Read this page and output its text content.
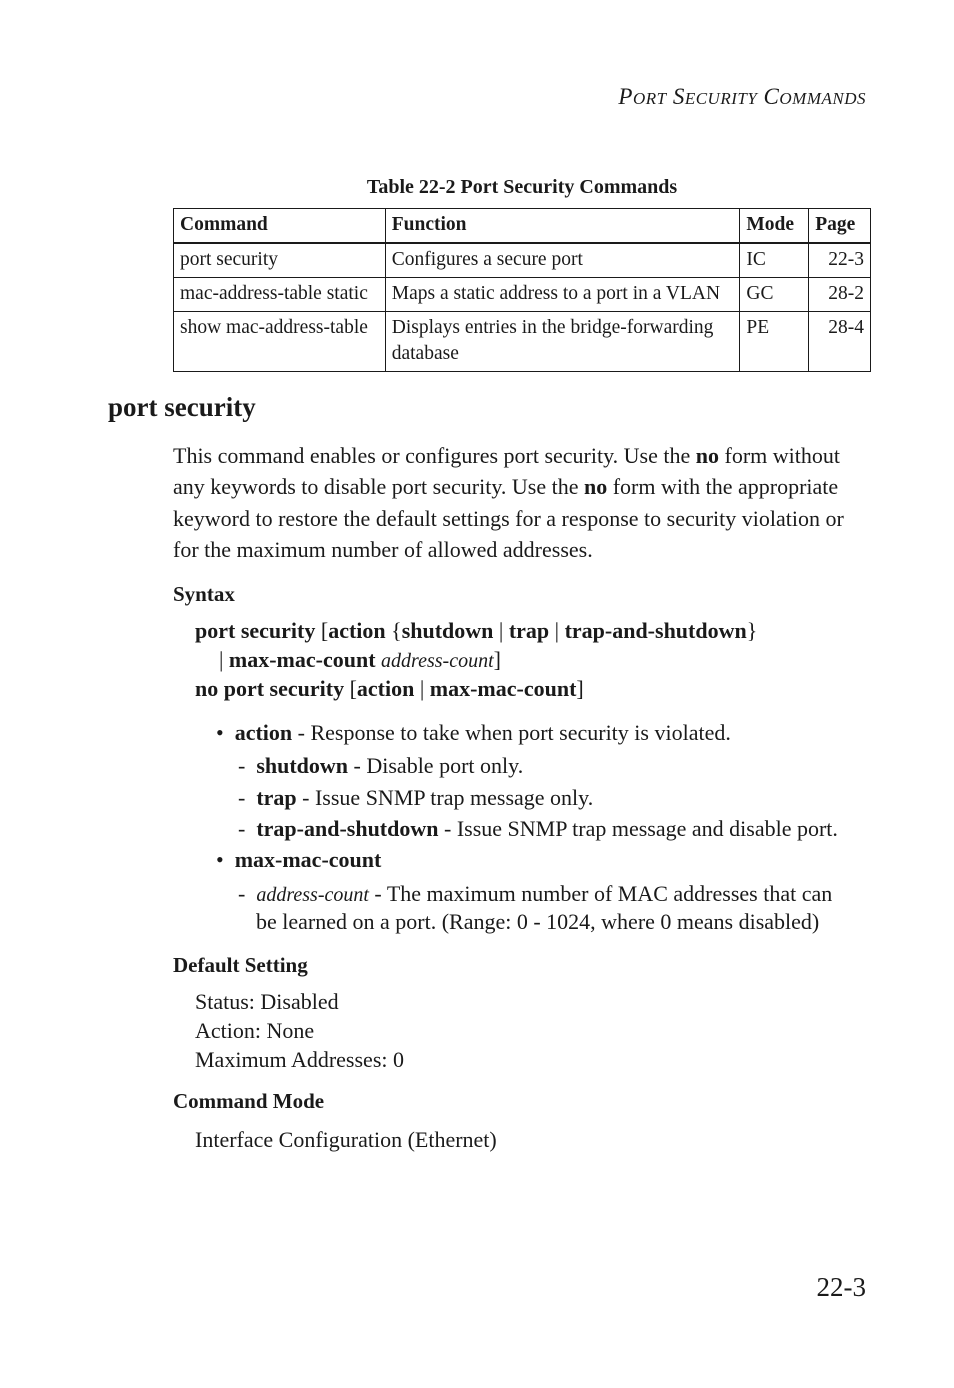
PORT SECURITY COMMANDS
Table 22-2 Port Security Commands
Command	Function	Mode	Page
port security	Configures a secure port	IC	22-3
mac-address-table static	Maps a static address to a port in a VLAN	GC	28-2
show mac-address-table	Displays entries in the bridge-forwarding database	PE	28-4
port security
This command enables or configures port security. Use the no form without any keywords to disable port security. Use the no form with the appropriate keyword to restore the default settings for a response to security violation or for the maximum number of allowed addresses.
Syntax
port security [action {shutdown | trap | trap-and-shutdown}
| max-mac-count address-count]
no port security [action | max-mac-count]
• action - Response to take when port security is violated.
- shutdown - Disable port only.
- trap - Issue SNMP trap message only.
- trap-and-shutdown - Issue SNMP trap message and disable port.
• max-mac-count
- address-count - The maximum number of MAC addresses that can
be learned on a port. (Range: 0 - 1024, where 0 means disabled)
Default Setting
Status: Disabled
Action: None
Maximum Addresses: 0
Command Mode
Interface Configuration (Ethernet)
22-3
